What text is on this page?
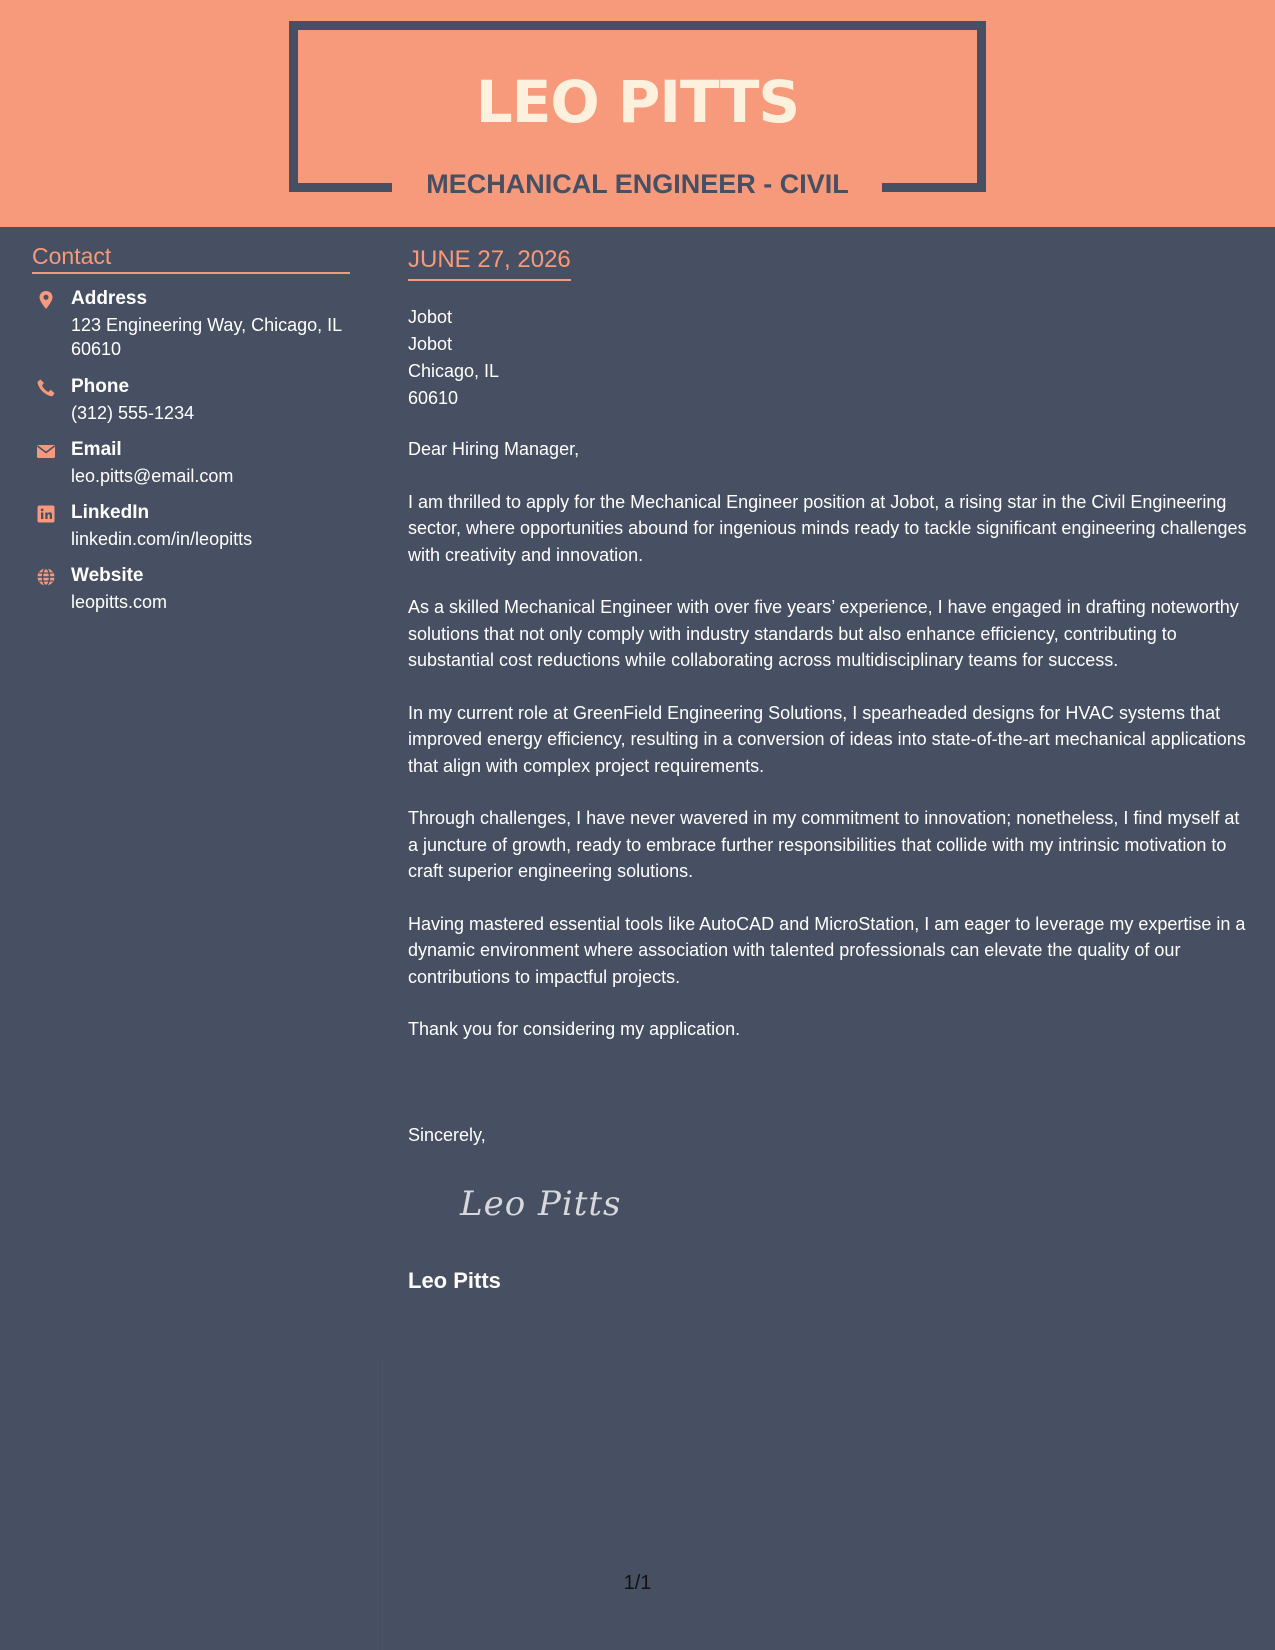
LEO PITTS
MECHANICAL ENGINEER - CIVIL
Contact
Address
123 Engineering Way, Chicago, IL 60610
Phone
(312) 555-1234
Email
leo.pitts@email.com
LinkedIn
linkedin.com/in/leopitts
Website
leopitts.com
JUNE 27, 2026
Jobot
Jobot
Chicago, IL
60610

Dear Hiring Manager,

I am thrilled to apply for the Mechanical Engineer position at Jobot, a rising star in the Civil Engineering sector, where opportunities abound for ingenious minds ready to tackle significant engineering challenges with creativity and innovation.

As a skilled Mechanical Engineer with over five years’ experience, I have engaged in drafting noteworthy solutions that not only comply with industry standards but also enhance efficiency, contributing to substantial cost reductions while collaborating across multidisciplinary teams for success.

In my current role at GreenField Engineering Solutions, I spearheaded designs for HVAC systems that improved energy efficiency, resulting in a conversion of ideas into state-of-the-art mechanical applications that align with complex project requirements.

Through challenges, I have never wavered in my commitment to innovation; nonetheless, I find myself at a juncture of growth, ready to embrace further responsibilities that collide with my intrinsic motivation to craft superior engineering solutions.

Having mastered essential tools like AutoCAD and MicroStation, I am eager to leverage my expertise in a dynamic environment where association with talented professionals can elevate the quality of our contributions to impactful projects.

Thank you for considering my application.

Sincerely,
Leo Pitts
Leo Pitts
1/1
